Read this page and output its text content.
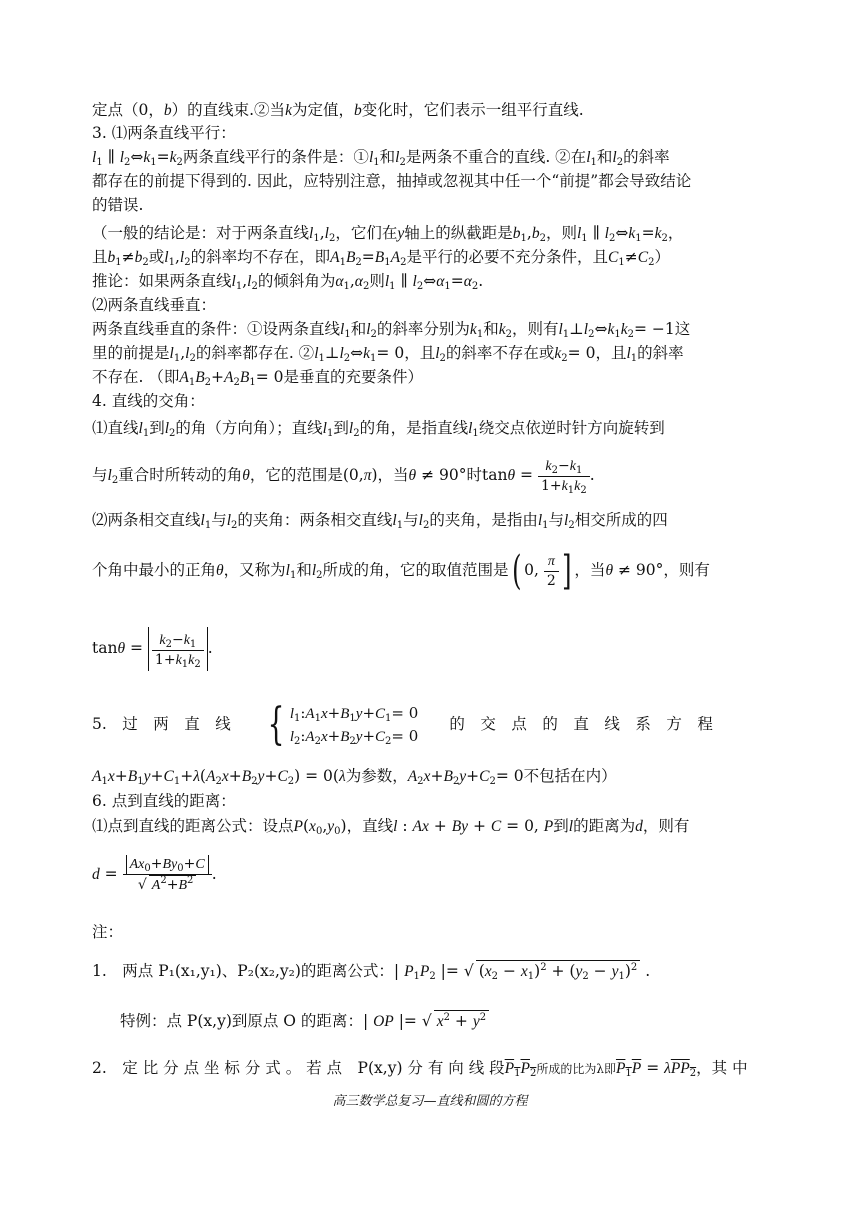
定点（0，b）的直线束.②当k为定值，b变化时，它们表示一组平行直线.
3. ⑴两条直线平行：
$l_1$ ∥ $l_2\Leftrightarrow k_1=k_2$两条直线平行的条件是：$①l_1$和$l_2$是两条不重合的直线. ②在$l_1$和$l_2$的斜率
都存在的前提下得到的. 因此，应特别注意，抽掉或忽视其中任一个“前提”都会导致结论
的错误.
（一般的结论是：对于两条直线$l_1,l_2$，它们在y轴上的纵截距是$b_1,b_2$，则$l_1$ ∥ $l_2\Leftrightarrow k_1=k_2$，
且$b_1\ne b_2$或$l_1,l_2$的斜率均不存在，即$A_1B_2=B_1A_2$是平行的必要不充分条件，且$C_1\ne C_2$）
推论：如果两条直线$l_1,l_2$的倾斜角为$\alpha_1,\alpha_2$则$l_1$ ∥ $l_2\Leftrightarrow\alpha_1=\alpha_2$.
⑵两条直线垂直：
两条直线垂直的条件：①设两条直线$l_1$和$l_2$的斜率分别为$k_1$和$k_2$，则有$l_1\perp l_2\Leftrightarrow k_1k_2= -1$这
里的前提是$l_1,l_2$的斜率都存在. $②l_1\perp l_2\Leftrightarrow k_1= 0$，且$l_2$的斜率不存在或$k_2= 0$，且$l_1$的斜率
不存在. （即$A_1B_2+A_2B_1= 0$是垂直的充要条件）
4. 直线的交角：
⑴直线$l_1$到$l_2$的角（方向角）；直线$l_1$到$l_2$的角，是指直线$l_1$绕交点依逆时针方向旋转到
与$l_2$重合时所转动的角θ，它的范围是(0,π)，当θ ≠ 90°时$\tan\theta = \frac{k_2-k_1}{1+k_1k_2}$ .
⑵两条相交直线$l_1$与$l_2$的夹角：两条相交直线$l_1$与$l_2$的夹角，是指由$l_1$与$l_2$相交所成的四
个角中最小的正角θ，又称为$l_1$和$l_2$所成的角，它的取值范围是( 0, $\frac{\pi}{2}$ ] ，当θ ≠ 90°，则有
$\tan\theta = \frac{k_2-k_1}{1+k_1k_2}$ .
5.　过　两　直　线　　 { $l_1:A_1x+B_1y+C_1= 0$
$l_2:A_2x+B_2y+C_2= 0$
　　的　交　点　的　直　线　系　方　程
$A_1x+B_1y+C_1+\lambda(A_2x+B_2y+C_2) = 0(\lambda$为参数，$A_2x+B_2y+C_2= 0$不包括在内）
6. 点到直线的距离：
⑴点到直线的距离公式：设点$P(x_0,y_0)$，直线l : Ax + By + C = 0, P到l的距离为d，则有
$d = \frac{Ax_0+By_0+C}{√ A^2+B^2}$ .
注：
1.　两点 P₁(x₁,y₁)、P₂(x₂,y₂)的距离公式：| $P_1P_2$ |= √ $(x_2 - x_1)^2 + (y_2 - y_1)^2$ .
特例：点 P(x,y)到原点 O 的距离：| OP |= √ $x^2 + y^2$
2.　定 比 分 点 坐 标 分 式 。 若 点　P(x,y) 分 有 向 线 段$P_1P_2$所成的比为λ即$P_1P = \lambda PP_2$，其 中
高三数学总复习—直线和圆的方程
